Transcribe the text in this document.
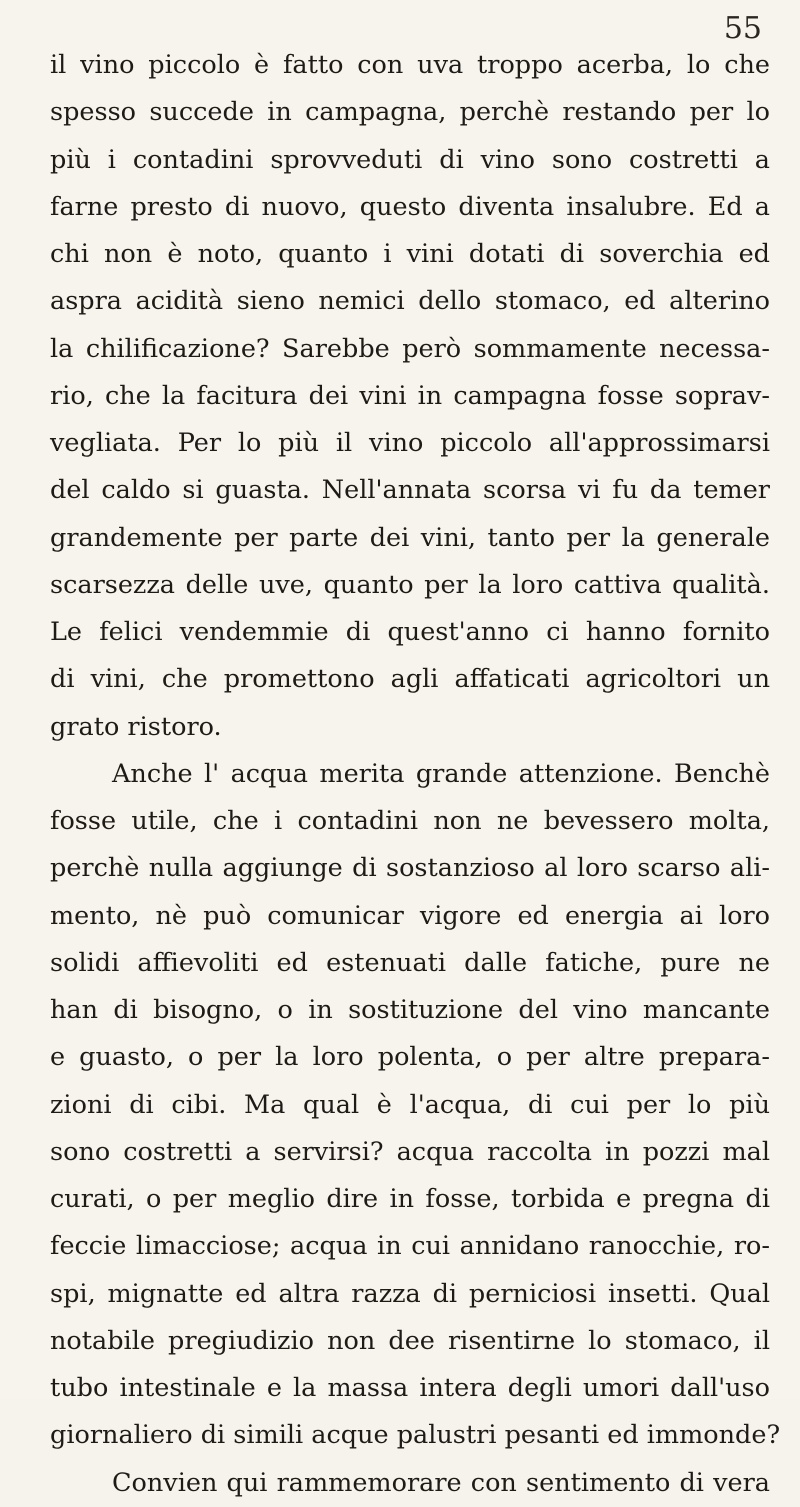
55
il vino piccolo è fatto con uva troppo acerba, lo che
spesso succede in campagna, perchè restando per lo
più i contadini sprovveduti di vino sono costretti a
farne presto di nuovo, questo diventa insalubre. Ed a
chi non è noto, quanto i vini dotati di soverchia ed
aspra acidità sieno nemici dello stomaco, ed alterino
la chilificazione? Sarebbe però sommamente necessa-
rio, che la facitura dei vini in campagna fosse soprav-
vegliata. Per lo più il vino piccolo all'approssimarsi
del caldo si guasta. Nell'annata scorsa vi fu da temer
grandemente per parte dei vini, tanto per la generale
scarsezza delle uve, quanto per la loro cattiva qualità.
Le felici vendemmie di quest'anno ci hanno fornito
di vini, che promettono agli affaticati agricoltori un
grato ristoro.
Anche l' acqua merita grande attenzione. Benchè
fosse utile, che i contadini non ne bevessero molta,
perchè nulla aggiunge di sostanzioso al loro scarso ali-
mento, nè può comunicar vigore ed energia ai loro
solidi affievoliti ed estenuati dalle fatiche, pure ne
han di bisogno, o in sostituzione del vino mancante
e guasto, o per la loro polenta, o per altre prepara-
zioni di cibi. Ma qual è l'acqua, di cui per lo più
sono costretti a servirsi? acqua raccolta in pozzi mal
curati, o per meglio dire in fosse, torbida e pregna di
feccie limacciose; acqua in cui annidano ranocchie, ro-
spi, mignatte ed altra razza di perniciosi insetti. Qual
notabile pregiudizio non dee risentirne lo stomaco, il
tubo intestinale e la massa intera degli umori dall'uso
giornaliero di simili acque palustri pesanti ed immonde?
Convien qui rammemorare con sentimento di vera
